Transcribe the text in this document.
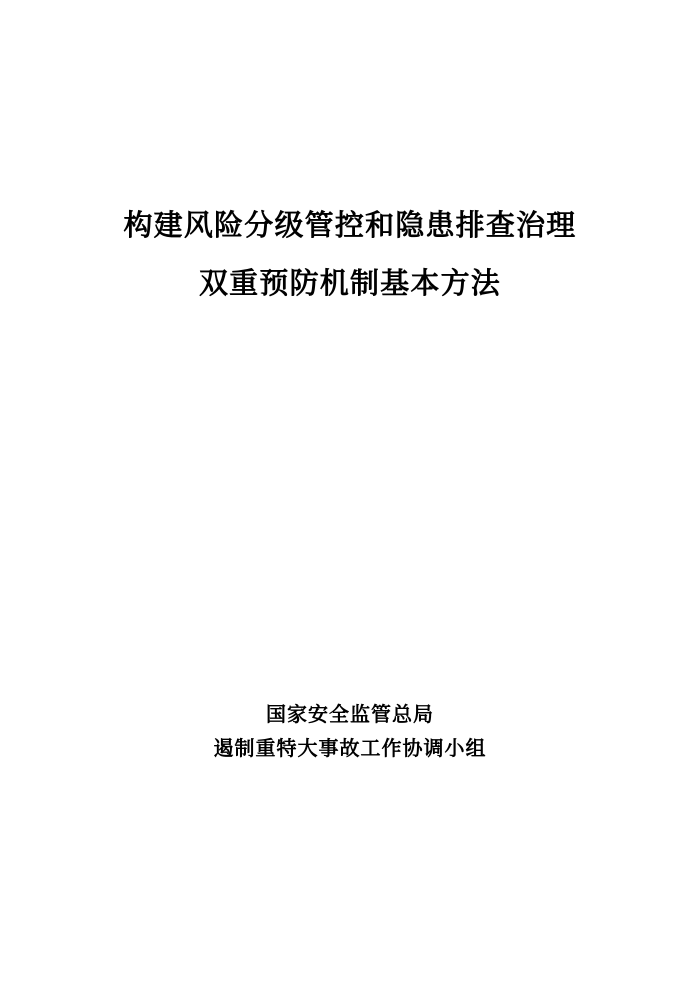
构建风险分级管控和隐患排查治理
双重预防机制基本方法
国家安全监管总局
遏制重特大事故工作协调小组
